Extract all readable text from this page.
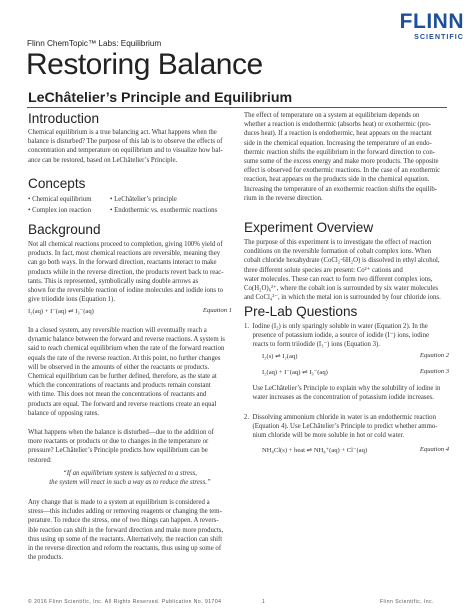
FLINN
SCIENTIFIC
Flinn ChemTopic™ Labs: Equilibrium
Restoring Balance
LeChâtelier’s Principle and Equilibrium
Introduction
Chemical equilibrium is a true balancing act. What happens when the
balance is disturbed? The purpose of this lab is to observe the effects of
concentration and temperature on equilibrium and to visualize how bal-
ance can be restored, based on LeChâtelier’s Principle.
Concepts
• Chemical equilibrium	• LeChâtelier’s principle
• Complex ion reaction	• Endothermic vs. exothermic reactions
Background
Not all chemical reactions proceed to completion, giving 100% yield of
products. In fact, most chemical reactions are reversible, meaning they
can go both ways. In the forward direction, reactants interact to make
products while in the reverse direction, the products revert back to reac-
tants. This is represented, symbolically using double arrows as
shown for the reversible reaction of iodine molecules and iodide ions to
give triiodide ions (Equation 1).
I₂(aq) + I⁻(aq) ⇌ I₃⁻(aq)	Equation 1
In a closed system, any reversible reaction will eventually reach a
dynamic balance between the forward and reverse reactions. A system is
said to reach chemical equilibrium when the rate of the forward reaction
equals the rate of the reverse reaction. At this point, no further changes
will be observed in the amounts of either the reactants or products.
Chemical equilibrium can be further defined, therefore, as the state at
which the concentrations of reactants and products remain constant
with time. This does not mean the concentrations of reactants and
products are equal. The forward and reverse reactions create an equal
balance of opposing rates.
What happens when the balance is disturbed—due to the addition of
more reactants or products or due to changes in the temperature or
pressure? LeChâtelier’s Principle predicts how equilibrium can be
restored:
“If an equilibrium system is subjected to a stress,
the system will react in such a way as to reduce the stress.”
Any change that is made to a system at equilibrium is considered a
stress—this includes adding or removing reagents or changing the tem-
perature. To reduce the stress, one of two things can happen. A revers-
ible reaction can shift in the forward direction and make more products,
thus using up some of the reactants. Alternatively, the reaction can shift
in the reverse direction and reform the reactants, thus using up some of
the products.
The effect of temperature on a system at equilibrium depends on
whether a reaction is endothermic (absorbs heat) or exothermic (pro-
duces heat). If a reaction is endothermic, heat appears on the reactant
side in the chemical equation. Increasing the temperature of an endo-
thermic reaction shifts the equilibrium in the forward direction to con-
sume some of the excess energy and make more products. The opposite
effect is observed for exothermic reactions. In the case of an exothermic
reaction, heat appears on the products side in the chemical equation.
Increasing the temperature of an exothermic reaction shifts the equilib-
rium in the reverse direction.
Experiment Overview
The purpose of this experiment is to investigate the effect of reaction
conditions on the reversible formation of cobalt complex ions. When
cobalt chloride hexahydrate (CoCl₂·6H₂O) is dissolved in ethyl alcohol,
three different solute species are present: Co²⁺ cations and
water molecules. These can react to form two different complex ions,
Co(H₂O)₆²⁺, where the cobalt ion is surrounded by six water molecules
and CoCl₄²⁻, in which the metal ion is surrounded by four chloride ions.
Pre-Lab Questions
1.  Iodine (I₂) is only sparingly soluble in water (Equation 2). In the
presence of potassium iodide, a source of iodide (I⁻) ions, iodine
reacts to form triiodide (I₃⁻) ions (Equation 3).
I₂(s) ⇌ I₂(aq)	Equation 2
I₂(aq) + I⁻(aq) ⇌ I₃⁻(aq)	Equation 3
Use LeChâtelier’s Principle to explain why the solubility of iodine in
water increases as the concentration of potassium iodide increases.
2.  Dissolving ammonium chloride in water is an endothermic reaction
(Equation 4). Use LeChâtelier’s Principle to predict whether ammo-
nium chloride will be more soluble in hot or cold water.
NH₄Cl(s) + heat ⇌ NH₄⁺(aq) + Cl⁻(aq)	Equation 4
© 2016 Flinn Scientific, Inc. All Rights Reserved. Publication No. 91704	1	Flinn Scientific, Inc.
